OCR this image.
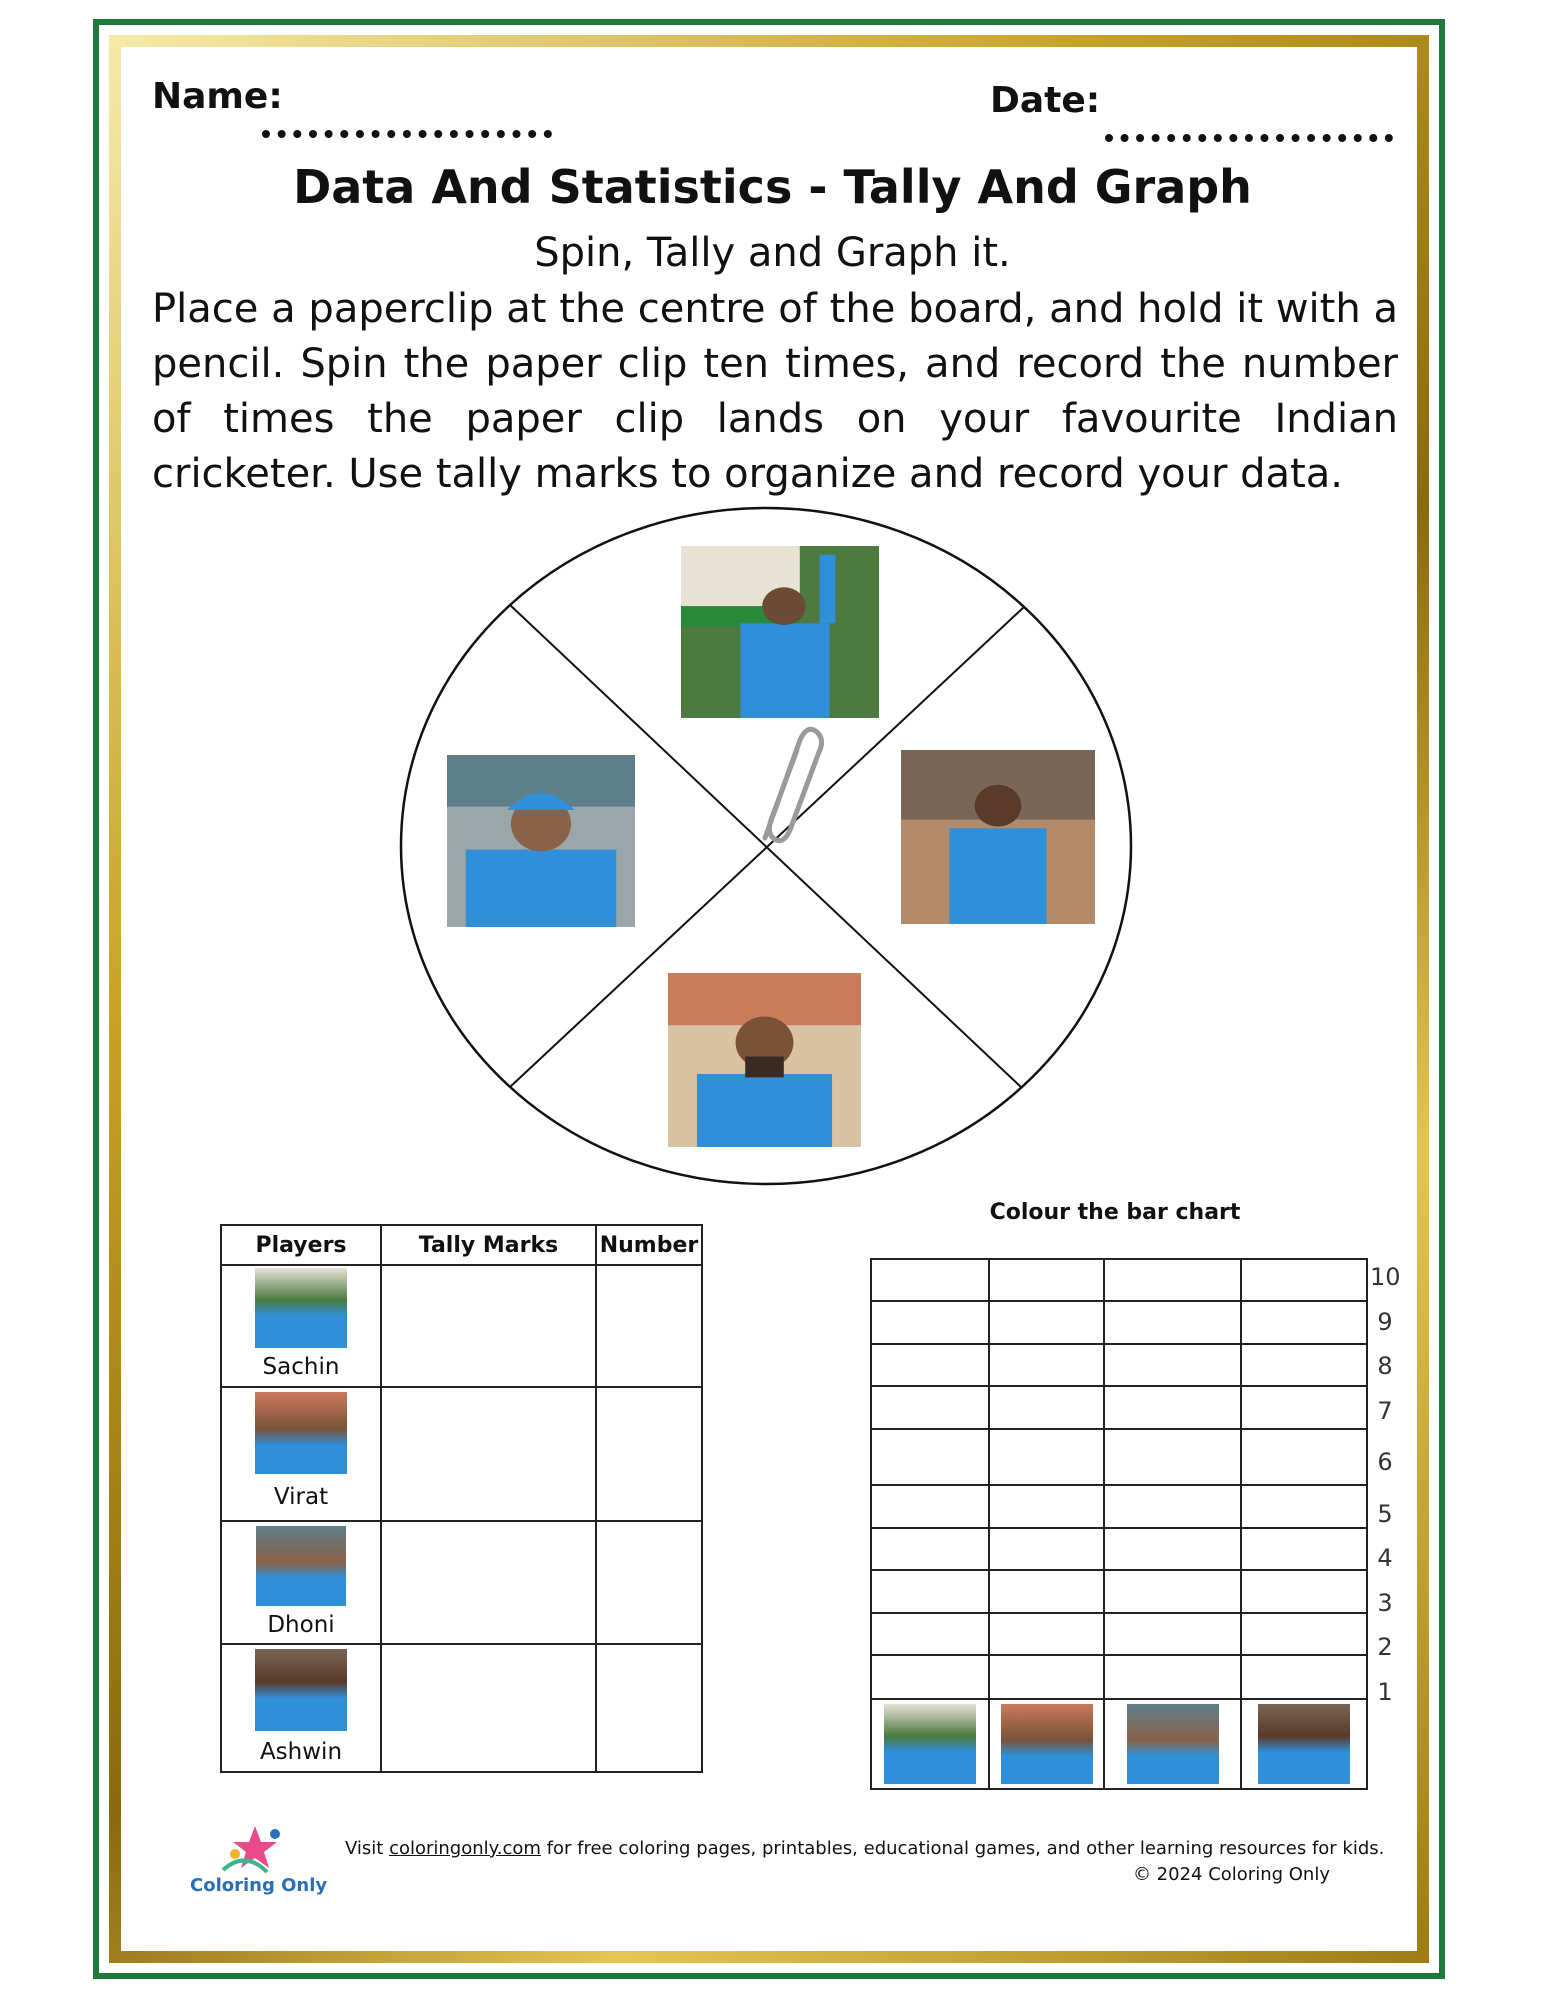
Name:	Date:
Data And Statistics - Tally And Graph
Spin, Tally and Graph it.
Place a paperclip at the centre of the board, and hold it with a pencil. Spin the paper clip ten times, and record the number of times the paper clip lands on your favourite Indian cricketer. Use tally marks to organize and record your data.
Players	Tally Marks	Number

Sachin		

Virat		

Dhoni		

Ashwin		

Colour the bar chart

10
9
8
7
6
5
4
3
2
1
Coloring Only
Visit coloringonly.com for free coloring pages, printables, educational games, and other learning resources for kids.
© 2024 Coloring Only
